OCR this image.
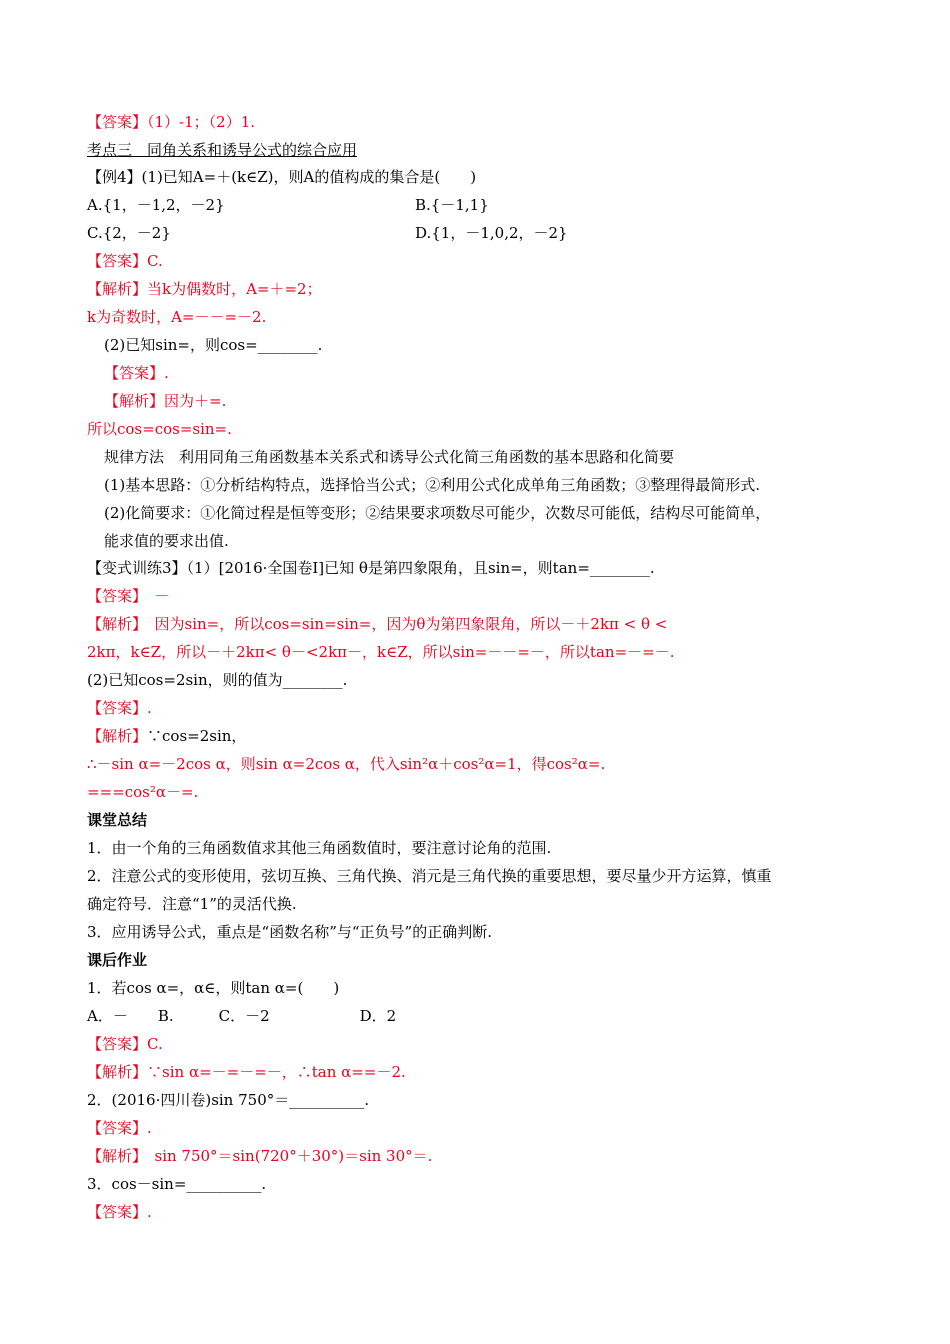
【答案】（1）-1；（2）1.
考点三　同角关系和诱导公式的综合应用
【例4】(1)已知A=＋(k∈Z)，则A的值构成的集合是(　　)
A.{1，－1,2，－2}	B.{－1,1}
C.{2，－2}	D.{1，－1,0,2，－2}
【答案】C.
【解析】当k为偶数时，A=＋=2；
k为奇数时，A=－－=－2.
(2)已知sin=，则cos=________.
【答案】.
【解析】因为＋=.
所以cos=cos=sin=.
规律方法　利用同角三角函数基本关系式和诱导公式化简三角函数的基本思路和化简要
(1)基本思路：①分析结构特点，选择恰当公式；②利用公式化成单角三角函数；③整理得最简形式.
(2)化简要求：①化简过程是恒等变形；②结果要求项数尽可能少，次数尽可能低，结构尽可能简单，
能求值的要求出值.
【变式训练3】（1）[2016·全国卷Ⅰ]已知 θ是第四象限角，且sin=，则tan=________.
【答案】　－
【解析】　因为sin=，所以cos=sin=sin=，因为θ为第四象限角，所以－＋2kπ < θ <
2kπ，k∈Z，所以－＋2kπ< θ－<2kπ－，k∈Z，所以sin=－－=－，所以tan=－=－.
(2)已知cos=2sin，则的值为________.
【答案】.
【解析】∵cos=2sin，
∴－sin α=－2cos α，则sin α=2cos α，代入sin²α＋cos²α=1，得cos²α=.
===cos²α－=.
课堂总结
1．由一个角的三角函数值求其他三角函数值时，要注意讨论角的范围.
2．注意公式的变形使用，弦切互换、三角代换、消元是三角代换的重要思想，要尽量少开方运算，慎重
确定符号．注意“1”的灵活代换.
3．应用诱导公式，重点是“函数名称”与“正负号”的正确判断.
课后作业
1．若cos α=，α∈，则tan α=(　　)
A．－　　B.　　　C．－2　　　　　　D．2
【答案】C.
【解析】∵sin α=－=－=－，∴tan α==－2.
2．(2016·四川卷)sin 750°＝__________.
【答案】.
【解析】　sin 750°＝sin(720°＋30°)＝sin 30°＝.
3．cos－sin=__________.
【答案】.
